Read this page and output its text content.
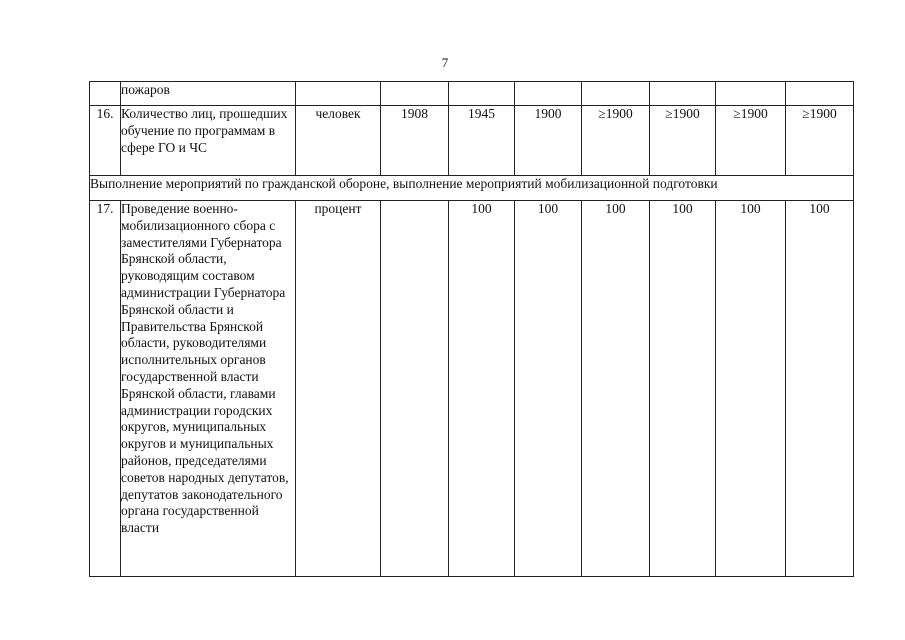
7
	пожаров								
16.	Количество лиц, прошедших обучение по программам в сфере ГО и ЧС	человек	1908	1945	1900	≥1900	≥1900	≥1900	≥1900
Выполнение мероприятий по гражданской обороне, выполнение мероприятий мобилизационной подготовки									
17.	Проведение военно-мобилизационного сбора с заместителями Губернатора Брянской области, руководящим составом администрации Губернатора Брянской области и Правительства Брянской области, руководителями исполнительных органов государственной власти Брянской области, главами администрации городских округов, муниципальных округов и муниципальных районов, председателями советов народных депутатов, депутатов законодательного органа государственной власти	процент		100	100	100	100	100	100
